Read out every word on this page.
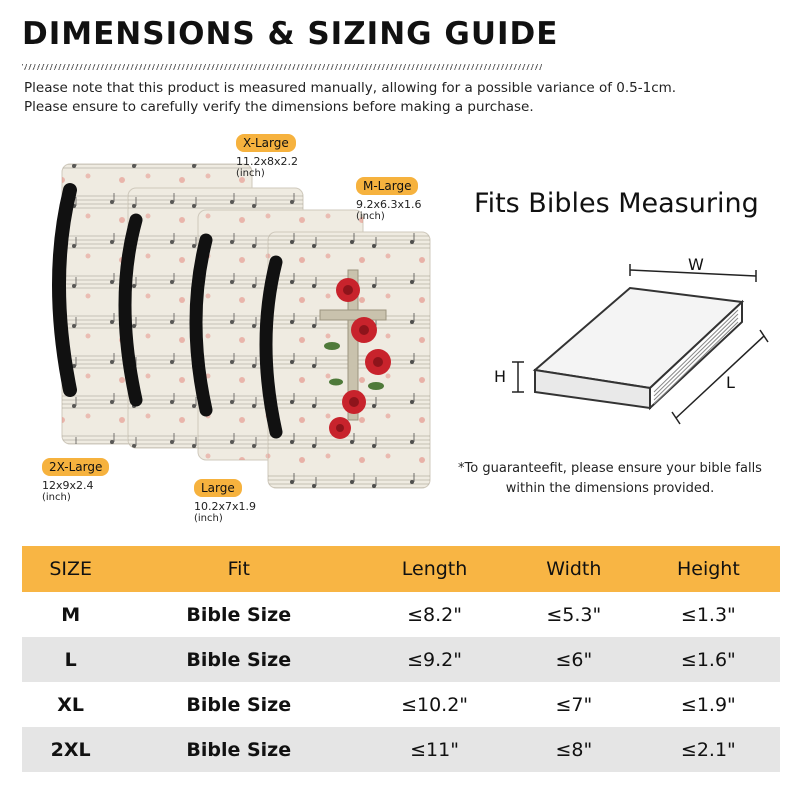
DIMENSIONS & SIZING GUIDE
Please note that this product is measured manually, allowing for a possible variance of 0.5-1cm.
Please ensure to carefully verify the dimensions before making a purchase.
X-Large
11.2x8x2.2
(inch)
M-Large
9.2x6.3x1.6
(inch)
2X-Large
12x9x2.4
(inch)
Large
10.2x7x1.9
(inch)
Fits Bibles Measuring
W
H	L
*To guaranteefit, please ensure your bible falls
within the dimensions provided.
SIZE	Fit	Length	Width	Height
M	Bible Size	≤8.2"	≤5.3"	≤1.3"
L	Bible Size	≤9.2"	≤6"	≤1.6"
XL	Bible Size	≤10.2"	≤7"	≤1.9"
2XL	Bible Size	≤11"	≤8"	≤2.1"
